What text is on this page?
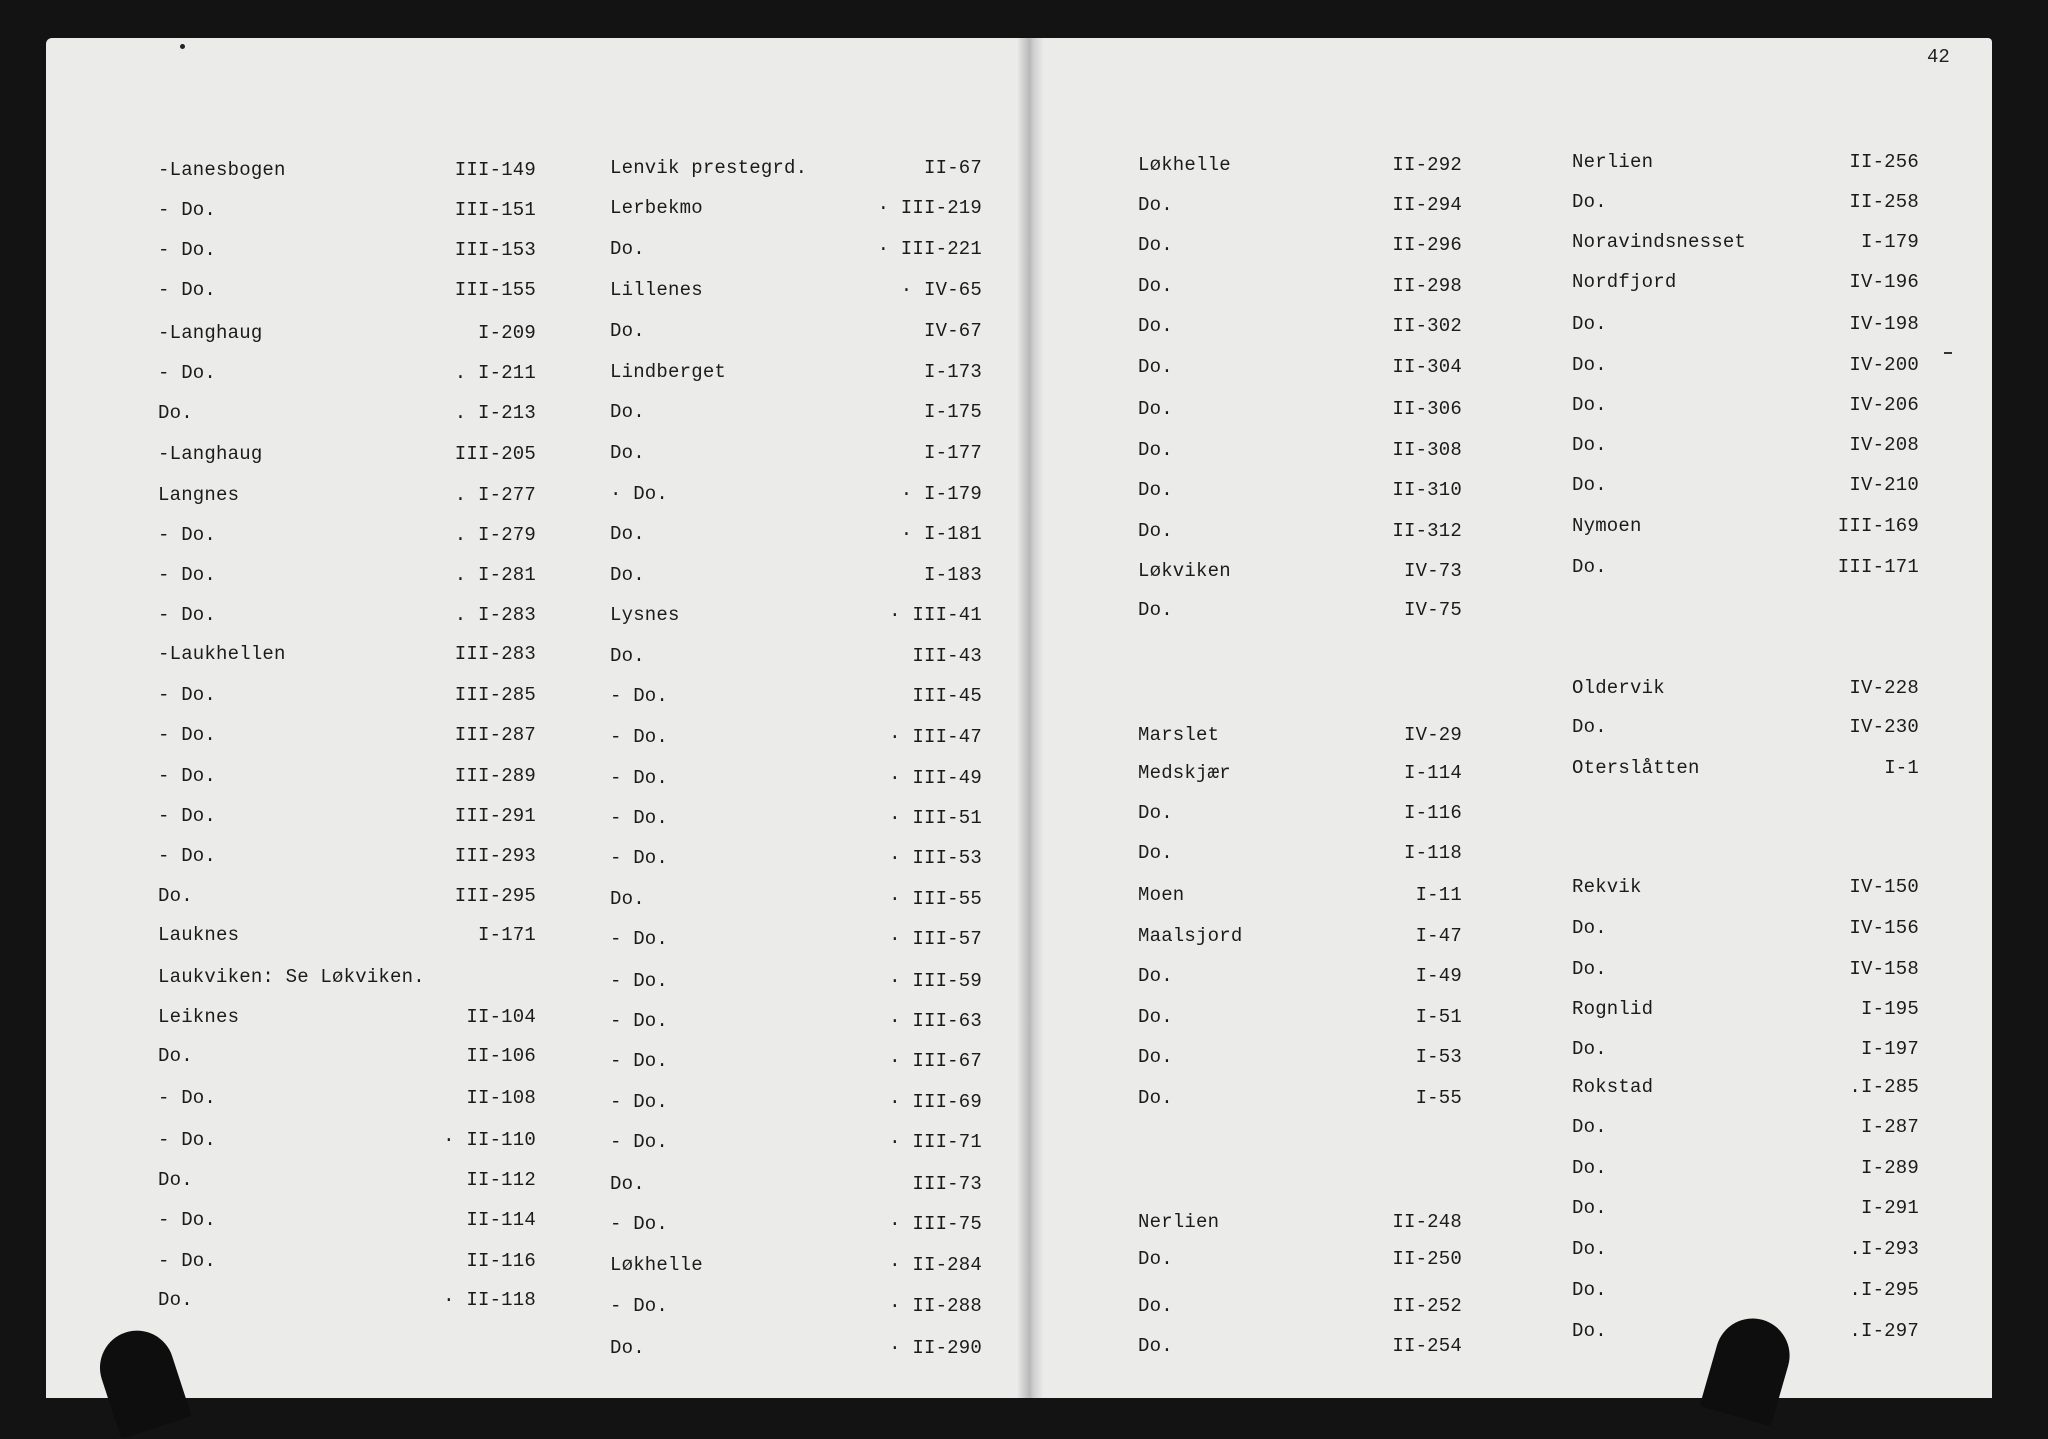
42
-Lanesbogen	III-149
- Do.	III-151
- Do.	III-153
- Do.	III-155
-Langhaug	I-209
- Do.	. I-211
Do.	. I-213
-Langhaug	III-205
Langnes	. I-277
- Do.	. I-279
- Do.	. I-281
- Do.	. I-283
-Laukhellen	III-283
- Do.	III-285
- Do.	III-287
- Do.	III-289
- Do.	III-291
- Do.	III-293
Do.	III-295
Lauknes	I-171
Laukviken: Se Løkviken.
Leiknes	II-104
Do.	II-106
- Do.	II-108
- Do.	· II-110
Do.	II-112
- Do.	II-114
- Do.	II-116
Do.	· II-118
Lenvik prestegrd.	II-67
Lerbekmo	· III-219
Do.	· III-221
Lillenes	· IV-65
Do.	IV-67
Lindberget	I-173
Do.	I-175
Do.	I-177
· Do.	· I-179
Do.	· I-181
Do.	I-183
Lysnes	· III-41
Do.	III-43
- Do.	III-45
- Do.	· III-47
- Do.	· III-49
- Do.	· III-51
- Do.	· III-53
Do.	· III-55
- Do.	· III-57
- Do.	· III-59
- Do.	· III-63
- Do.	· III-67
- Do.	· III-69
- Do.	· III-71
Do.	III-73
- Do.	· III-75
Løkhelle	· II-284
- Do.	· II-288
Do.	· II-290
Løkhelle	II-292
Do.	II-294
Do.	II-296
Do.	II-298
Do.	II-302
Do.	II-304
Do.	II-306
Do.	II-308
Do.	II-310
Do.	II-312
Løkviken	IV-73
Do.	IV-75
Marslet	IV-29
Medskjær	I-114
Do.	I-116
Do.	I-118
Moen	I-11
Maalsjord	I-47
Do.	I-49
Do.	I-51
Do.	I-53
Do.	I-55
Nerlien	II-248
Do.	II-250
Do.	II-252
Do.	II-254
Nerlien	II-256
Do.	II-258
Noravindsnesset	I-179
Nordfjord	IV-196
Do.	IV-198
Do.	IV-200
Do.	IV-206
Do.	IV-208
Do.	IV-210
Nymoen	III-169
Do.	III-171
Oldervik	IV-228
Do.	IV-230
Oterslåtten	I-1
Rekvik	IV-150
Do.	IV-156
Do.	IV-158
Rognlid	I-195
Do.	I-197
Rokstad	.I-285
Do.	I-287
Do.	I-289
Do.	I-291
Do.	.I-293
Do.	.I-295
Do.	.I-297
